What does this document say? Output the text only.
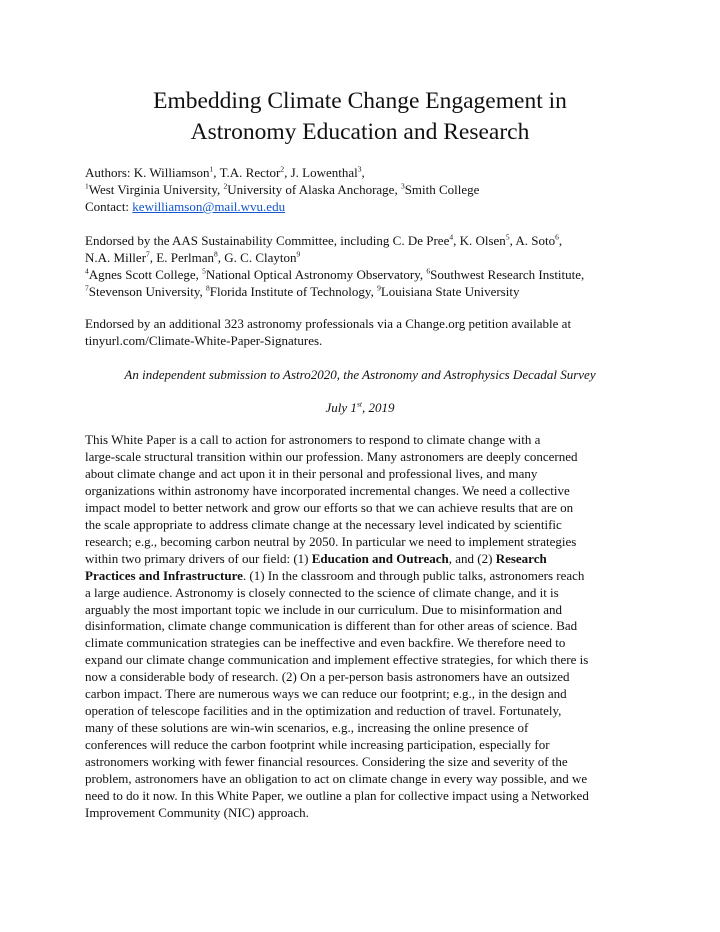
Embedding Climate Change Engagement in
Astronomy Education and Research
Authors: K. Williamson$^1$, T.A. Rector$^2$, J. Lowenthal$^3$,
$^1$West Virginia University, $^2$University of Alaska Anchorage, $^3$Smith College
Contact: kewilliamson@mail.wvu.edu
Endorsed by the AAS Sustainability Committee, including C. De Pree$^4$, K. Olsen$^5$, A. Soto$^6$,
N.A. Miller$^7$, E. Perlman$^8$, G. C. Clayton$^9$
$^4$Agnes Scott College, $^5$National Optical Astronomy Observatory, $^6$Southwest Research Institute,
$^7$Stevenson University, $^8$Florida Institute of Technology, $^9$Louisiana State University
Endorsed by an additional 323 astronomy professionals via a Change.org petition available at
tinyurl.com/Climate-White-Paper-Signatures.
An independent submission to Astro2020, the Astronomy and Astrophysics Decadal Survey
July 1st, 2019
This White Paper is a call to action for astronomers to respond to climate change with a
large-scale structural transition within our profession. Many astronomers are deeply concerned
about climate change and act upon it in their personal and professional lives, and many
organizations within astronomy have incorporated incremental changes. We need a collective
impact model to better network and grow our efforts so that we can achieve results that are on
the scale appropriate to address climate change at the necessary level indicated by scientific
research; e.g., becoming carbon neutral by 2050. In particular we need to implement strategies
within two primary drivers of our field: (1) Education and Outreach, and (2) Research
Practices and Infrastructure. (1) In the classroom and through public talks, astronomers reach
a large audience. Astronomy is closely connected to the science of climate change, and it is
arguably the most important topic we include in our curriculum. Due to misinformation and
disinformation, climate change communication is different than for other areas of science. Bad
climate communication strategies can be ineffective and even backfire. We therefore need to
expand our climate change communication and implement effective strategies, for which there is
now a considerable body of research. (2) On a per-person basis astronomers have an outsized
carbon impact. There are numerous ways we can reduce our footprint; e.g., in the design and
operation of telescope facilities and in the optimization and reduction of travel. Fortunately,
many of these solutions are win-win scenarios, e.g., increasing the online presence of
conferences will reduce the carbon footprint while increasing participation, especially for
astronomers working with fewer financial resources. Considering the size and severity of the
problem, astronomers have an obligation to act on climate change in every way possible, and we
need to do it now. In this White Paper, we outline a plan for collective impact using a Networked
Improvement Community (NIC) approach.
